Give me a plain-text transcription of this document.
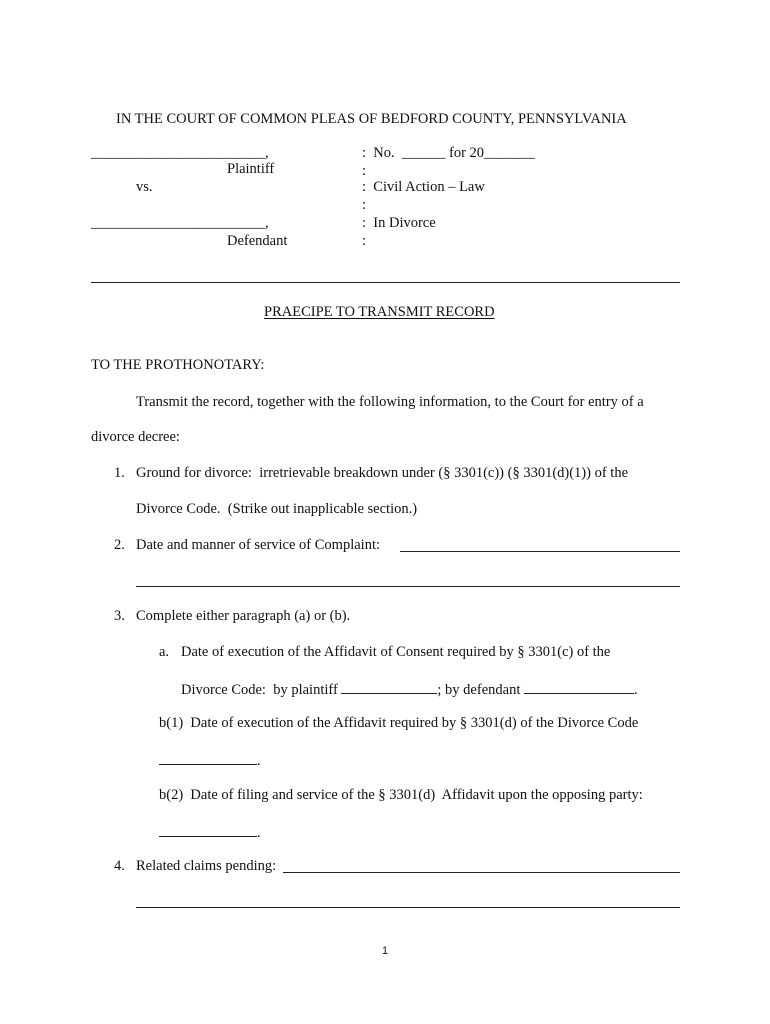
IN THE COURT OF COMMON PLEAS OF BEDFORD COUNTY, PENNSYLVANIA
________________________,
Plaintiff
vs.
________________________,
Defendant
:  No.  ______ for 20_______
:
:  Civil Action – Law
:
:  In Divorce
:
PRAECIPE TO TRANSMIT RECORD
TO THE PROTHONOTARY:
Transmit the record, together with the following information, to the Court for entry of a
divorce decree:
1. Ground for divorce:  irretrievable breakdown under (§ 3301(c)) (§ 3301(d)(1)) of the
Divorce Code.  (Strike out inapplicable section.)
2. Date and manner of service of Complaint:
3. Complete either paragraph (a) or (b).
a. Date of execution of the Affidavit of Consent required by § 3301(c) of the
Divorce Code:  by plaintiff	; by defendant	.
b(1)  Date of execution of the Affidavit required by § 3301(d) of the Divorce Code
.
b(2)  Date of filing and service of the § 3301(d)  Affidavit upon the opposing party:
.
4. Related claims pending:
1
